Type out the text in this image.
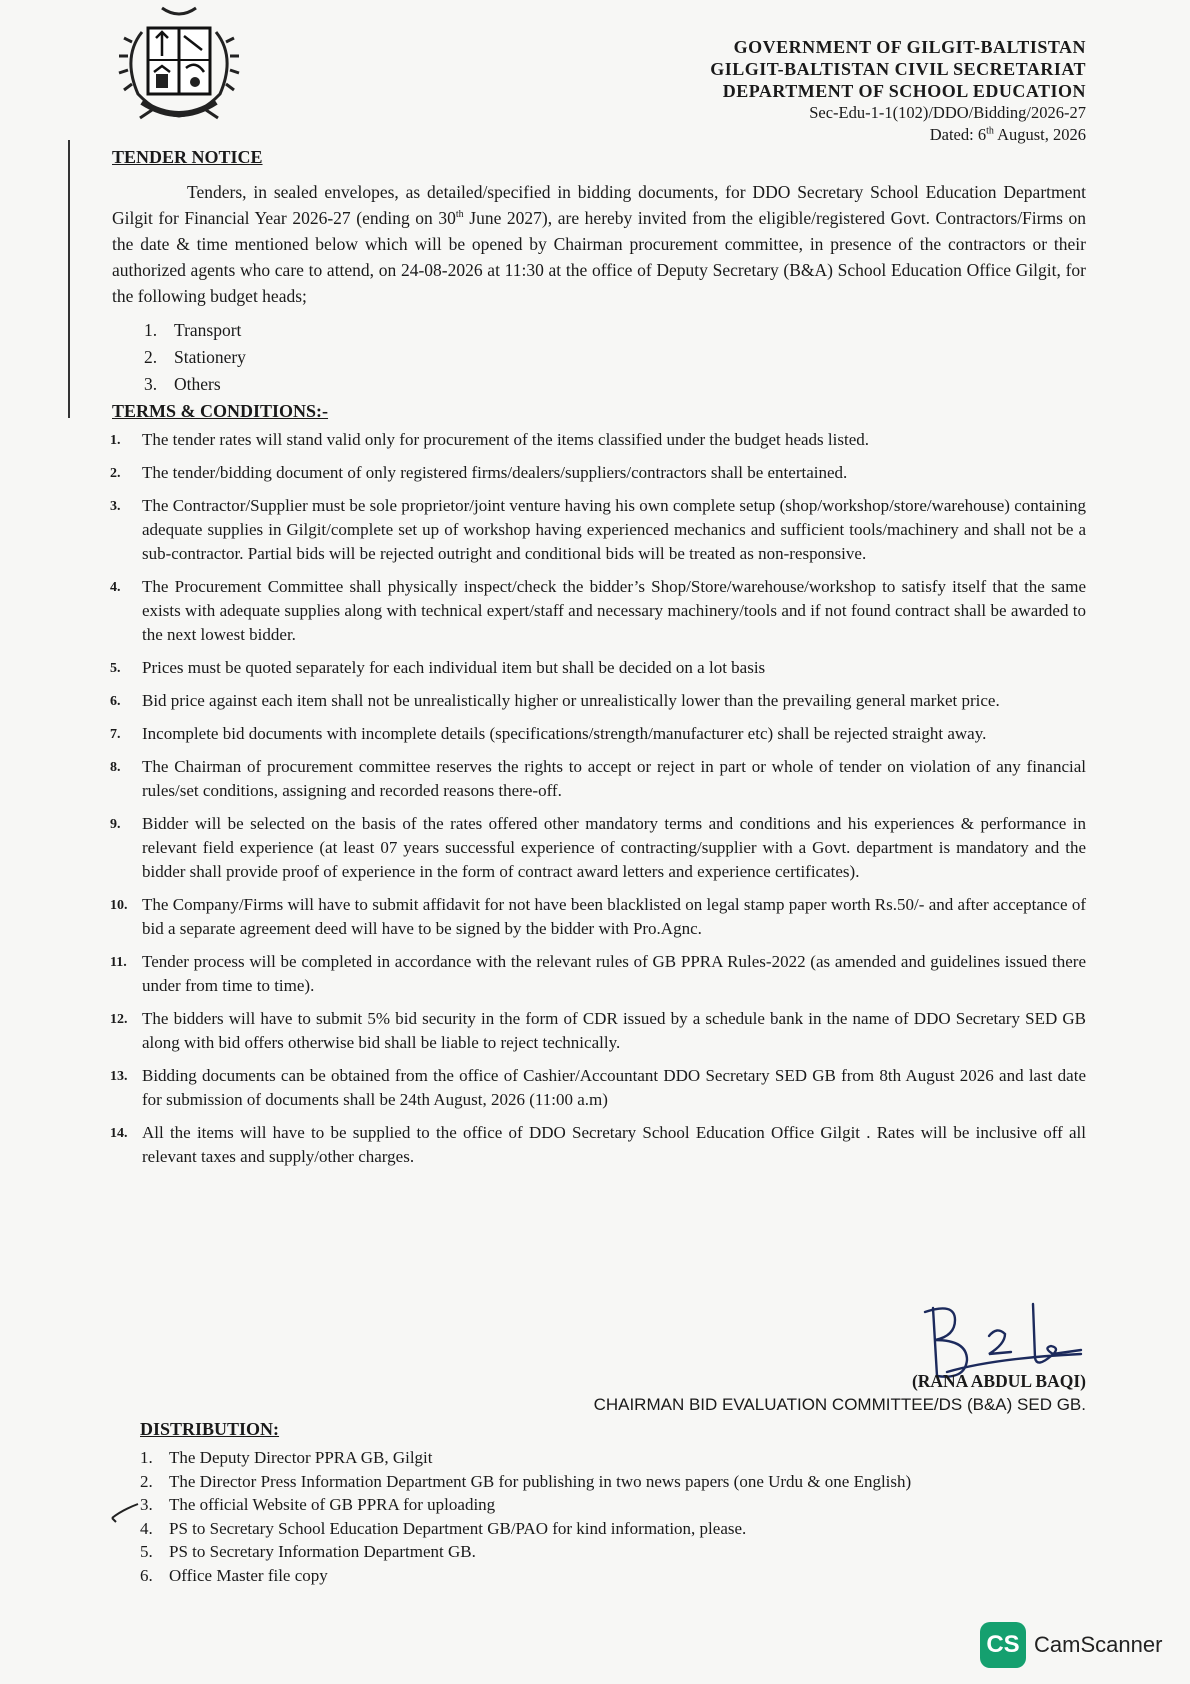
GOVERNMENT OF GILGIT-BALTISTAN
GILGIT-BALTISTAN CIVIL SECRETARIAT
DEPARTMENT OF SCHOOL EDUCATION
Sec-Edu-1-1(102)/DDO/Bidding/2026-27
Dated: 6th August, 2026
TENDER NOTICE
Tenders, in sealed envelopes, as detailed/specified in bidding documents, for DDO Secretary School Education Department Gilgit for Financial Year 2026-27 (ending on 30th June 2027), are hereby invited from the eligible/registered Govt. Contractors/Firms on the date & time mentioned below which will be opened by Chairman procurement committee, in presence of the contractors or their authorized agents who care to attend, on 24-08-2026 at 11:30 at the office of Deputy Secretary (B&A) School Education Office Gilgit, for the following budget heads;
1. Transport
2. Stationery
3. Others
TERMS & CONDITIONS:-
1. The tender rates will stand valid only for procurement of the items classified under the budget heads listed.
2. The tender/bidding document of only registered firms/dealers/suppliers/contractors shall be entertained.
3. The Contractor/Supplier must be sole proprietor/joint venture having his own complete setup (shop/workshop/store/warehouse) containing adequate supplies in Gilgit/complete set up of workshop having experienced mechanics and sufficient tools/machinery and shall not be a sub-contractor. Partial bids will be rejected outright and conditional bids will be treated as non-responsive.
4. The Procurement Committee shall physically inspect/check the bidder’s Shop/Store/warehouse/workshop to satisfy itself that the same exists with adequate supplies along with technical expert/staff and necessary machinery/tools and if not found contract shall be awarded to the next lowest bidder.
5. Prices must be quoted separately for each individual item but shall be decided on a lot basis
6. Bid price against each item shall not be unrealistically higher or unrealistically lower than the prevailing general market price.
7. Incomplete bid documents with incomplete details (specifications/strength/manufacturer etc) shall be rejected straight away.
8. The Chairman of procurement committee reserves the rights to accept or reject in part or whole of tender on violation of any financial rules/set conditions, assigning and recorded reasons there-off.
9. Bidder will be selected on the basis of the rates offered other mandatory terms and conditions and his experiences & performance in relevant field experience (at least 07 years successful experience of contracting/supplier with a Govt. department is mandatory and the bidder shall provide proof of experience in the form of contract award letters and experience certificates).
10. The Company/Firms will have to submit affidavit for not have been blacklisted on legal stamp paper worth Rs.50/- and after acceptance of bid a separate agreement deed will have to be signed by the bidder with Pro.Agnc.
11. Tender process will be completed in accordance with the relevant rules of GB PPRA Rules-2022 (as amended and guidelines issued there under from time to time).
12. The bidders will have to submit 5% bid security in the form of CDR issued by a schedule bank in the name of DDO Secretary SED GB along with bid offers otherwise bid shall be liable to reject technically.
13. Bidding documents can be obtained from the office of Cashier/Accountant DDO Secretary SED GB from 8th August 2026 and last date for submission of documents shall be 24th August, 2026 (11:00 a.m)
14. All the items will have to be supplied to the office of DDO Secretary School Education Office Gilgit . Rates will be inclusive off all relevant taxes and supply/other charges.
(RANA ABDUL BAQI)
CHAIRMAN BID EVALUATION COMMITTEE/DS (B&A) SED GB.
DISTRIBUTION:
1. The Deputy Director PPRA GB, Gilgit
2. The Director Press Information Department GB for publishing in two news papers (one Urdu & one English)
3. The official Website of GB PPRA for uploading
4. PS to Secretary School Education Department GB/PAO for kind information, please.
5. PS to Secretary Information Department GB.
6. Office Master file copy
CS CamScanner
